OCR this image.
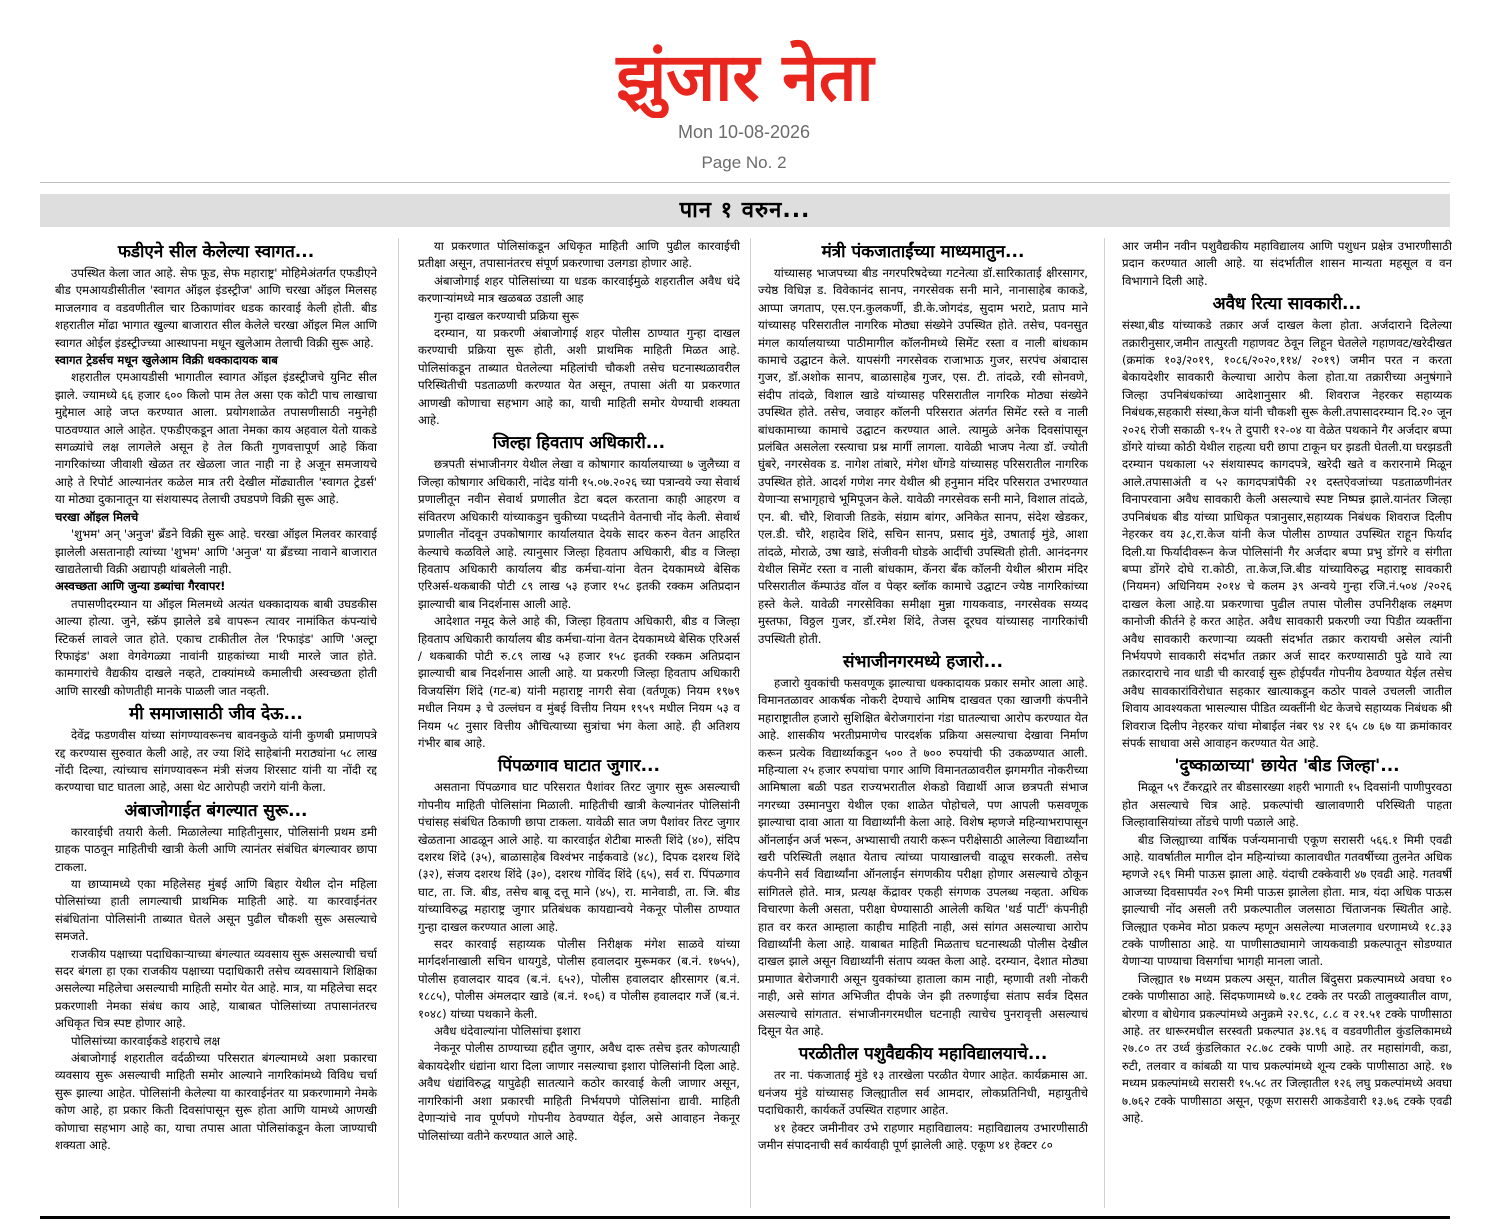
झुंजार नेता
Mon 10-08-2026
Page No. 2
पान १ वरुन...
फडीएने सील केलेल्या स्वागत...

उपस्थित केला जात आहे. सेफ फूड, सेफ महाराष्ट्र' मोहिमेअंतर्गत एफडीएने बीड एमआयडीसीतील 'स्वागत ऑइल इंडस्ट्रीज' आणि चरखा ऑइल मिलसह माजलगाव व वडवणीतील चार ठिकाणांवर धडक कारवाई केली होती. बीड शहरातील मोंढा भागात खुल्या बाजारात सील केलेले चरखा ऑइल मिल आणि स्वागत ओईल इंडस्ट्रीज्च्या आस्थापना मधून खुलेआम तेलाची विक्री सुरू आहे.

स्वागत ट्रेडर्सच मधून खुलेआम विक्री धक्कादायक बाब

शहरातील एमआयडीसी भागातील स्वागत ऑइल इंडस्ट्रीजचे युनिट सील झाले. ज्यामध्ये ६६ हजार ६०० किलो पाम तेल असा एक कोटी पाच लाखाचा मुद्देमाल आहे जप्त करण्यात आला. प्रयोगशाळेत तपासणीसाठी नमुनेही पाठवण्यात आले आहेत. एफडीएकडून आता नेमका काय अहवाल येतो याकडे सगळ्यांचे लक्ष लागलेले असून हे तेल किती गुणवत्तापूर्ण आहे किंवा नागरिकांच्या जीवाशी खेळत तर खेळला जात नाही ना हे अजून समजायचे आहे ते रिपोर्ट आल्यानंतर कळेल मात्र तरी देखील मोंढ्यातील 'स्वागत ट्रेडर्स' या मोठ्या दुकानातून या संशयास्पद तेलाची उघडपणे विक्री सुरू आहे.

चरखा ऑइल मिलचे

'शुभम' अन् 'अनुज' ब्रँडने विक्री सुरू आहे. चरखा ऑइल मिलवर कारवाई झालेली असतानाही त्यांच्या 'शुभम' आणि 'अनुज' या ब्रँडच्या नावाने बाजारात खाद्यतेलाची विक्री अद्यापही थांबलेली नाही.

अस्वच्छता आणि जुन्या डब्यांचा गैरवापर!

तपासणीदरम्यान या ऑइल मिलमध्ये अत्यंत धक्कादायक बाबी उघडकीस आल्या होत्या. जुने, स्क्रॅप झालेले डबे वापरून त्यावर नामांकित कंपन्यांचे स्टिकर्स लावले जात होते. एकाच टाकीतील तेल 'रिफाइंड' आणि 'अल्ट्रा रिफाइंड' अशा वेगवेगळ्या नावांनी ग्राहकांच्या माथी मारले जात होते. कामगारांचे वैद्यकीय दाखले नव्हते, टाक्यांमध्ये कमालीची अस्वच्छता होती आणि सारखी कोणतीही मानके पाळली जात नव्हती.

मी समाजासाठी जीव देऊ...

देवेंद्र फडणवीस यांच्या सांगण्यावरूनच बावनकुळे यांनी कुणबी प्रमाणपत्रे रद्द करण्यास सुरुवात केली आहे, तर ज्या शिंदे साहेबांनी मराठ्यांना ५८ लाख नोंदी दिल्या, त्यांच्याच सांगण्यावरून मंत्री संजय शिरसाट यांनी या नोंदी रद्द करण्याचा घाट घातला आहे, असा थेट आरोपही जरांगे यांनी केला.

अंबाजोगाईत बंगल्यात सुरू...

कारवाईची तयारी केली. मिळालेल्या माहितीनुसार, पोलिसांनी प्रथम डमी ग्राहक पाठवून माहितीची खात्री केली आणि त्यानंतर संबंधित बंगल्यावर छापा टाकला.

या छाप्यामध्ये एका महिलेसह मुंबई आणि बिहार येथील दोन महिला पोलिसांच्या हाती लागल्याची प्राथमिक माहिती आहे. या कारवाईनंतर संबंधितांना पोलिसांनी ताब्यात घेतले असून पुढील चौकशी सुरू असल्याचे समजते.

राजकीय पक्षाच्या पदाधिकाऱ्याच्या बंगल्यात व्यवसाय सुरू असल्याची चर्चा सदर बंगला हा एका राजकीय पक्षाच्या पदाधिकारी तसेच व्यवसायाने शिक्षिका असलेल्या महिलेचा असल्याची माहिती समोर येत आहे. मात्र, या महिलेचा सदर प्रकरणाशी नेमका संबंध काय आहे, याबाबत पोलिसांच्या तपासानंतरच अधिकृत चित्र स्पष्ट होणार आहे.

पोलिसांच्या कारवाईकडे शहराचे लक्ष

अंबाजोगाई शहरातील वर्दळीच्या परिसरात बंगल्यामध्ये अशा प्रकारचा व्यवसाय सुरू असल्याची माहिती समोर आल्याने नागरिकांमध्ये विविध चर्चा सुरू झाल्या आहेत. पोलिसांनी केलेल्या या कारवाईनंतर या प्रकरणामागे नेमके कोण आहे, हा प्रकार किती दिवसांपासून सुरू होता आणि यामध्ये आणखी कोणाचा सहभाग आहे का, याचा तपास आता पोलिसांकडून केला जाण्याची शक्यता आहे.

या प्रकरणात पोलिसांकडून अधिकृत माहिती आणि पुढील कारवाईची प्रतीक्षा असून, तपासानंतरच संपूर्ण प्रकरणाचा उलगडा होणार आहे.

अंबाजोगाई शहर पोलिसांच्या या धडक कारवाईमुळे शहरातील अवैध धंदे करणाऱ्यांमध्ये मात्र खळबळ उडाली आह

गुन्हा दाखल करण्याची प्रक्रिया सुरू

दरम्यान, या प्रकरणी अंबाजोगाई शहर पोलीस ठाण्यात गुन्हा दाखल करण्याची प्रक्रिया सुरू होती, अशी प्राथमिक माहिती मिळत आहे. पोलिसांकडून ताब्यात घेतलेल्या महिलांची चौकशी तसेच घटनास्थळावरील परिस्थितीची पडताळणी करण्यात येत असून, तपासा अंती या प्रकरणात आणखी कोणाचा सहभाग आहे का, याची माहिती समोर येण्याची शक्यता आहे.

जिल्हा हिवताप अधिकारी...

छत्रपती संभाजीनगर येथील लेखा व कोषागार कार्यालयाच्या ७ जुलैच्या व जिल्हा कोषागार अधिकारी, नांदेड यांनी १५.०७.२०२६ च्या पत्रान्वये ज्या सेवार्थ प्रणालीतून नवीन सेवार्थ प्रणालीत डेटा बदल करताना काही आहरण व संवितरण अधिकारी यांच्याकडुन चुकीच्या पध्दतीने वेतनाची नोंद केली. सेवार्थ प्रणालीत नोंदवून उपकोषागार कार्यालयात देयके सादर करुन वेतन आहरित केल्याचे कळविले आहे. त्यानुसार जिल्हा हिवताप अधिकारी, बीड व जिल्हा हिवताप अधिकारी कार्यालय बीड कर्मचा-यांना वेतन देयकामध्ये बेसिक एरिअर्स-थकबाकी पोटी ८९ लाख ५३ हजार १५८ इतकी रक्कम अतिप्रदान झाल्याची बाब निदर्शनास आली आहे.

आदेशात नमूद केले आहे की, जिल्हा हिवताप अधिकारी, बीड व जिल्हा हिवताप अधिकारी कार्यालय बीड कर्मचा-यांना वेतन देयकामध्ये बेसिक एरिअर्स / थकबाकी पोटी रु.८९ लाख ५३ हजार १५८ इतकी रक्कम अतिप्रदान झाल्याची बाब निदर्शनास आली आहे. या प्रकरणी जिल्हा हिवताप अधिकारी विजयसिंग शिंदे (गट-ब) यांनी महाराष्ट्र नागरी सेवा (वर्तणूक) नियम १९७९ मधील नियम ३ चे उल्लंघन व मुंबई वित्तीय नियम १९५९ मधील नियम ५३ व नियम ५८ नुसार वित्तीय औचित्याच्या सुत्रांचा भंग केला आहे. ही अतिशय गंभीर बाब आहे.

पिंपळगाव घाटात जुगार...

असताना पिंपळगाव घाट परिसरात पैशांवर तिरट जुगार सुरू असल्याची गोपनीय माहिती पोलिसांना मिळाली. माहितीची खात्री केल्यानंतर पोलिसांनी पंचांसह संबंधित ठिकाणी छापा टाकला. यावेळी सात जण पैशांवर तिरट जुगार खेळताना आढळून आले आहे. या कारवाईत शेटीबा मारुती शिंदे (४०), संदिप दशरथ शिंदे (३५), बाळासाहेब विश्वंभर नाईकवाडे (४८), दिपक दशरथ शिंदे (३२), संजय दशरथ शिंदे (३०), दशरथ गोविंद शिंदे (६५), सर्व रा. पिंपळगाव घाट, ता. जि. बीड, तसेच बाबू दत्तू माने (४५), रा. मानेवाडी, ता. जि. बीड यांच्याविरुद्ध महाराष्ट्र जुगार प्रतिबंधक कायद्यान्वये नेकनूर पोलीस ठाण्यात गुन्हा दाखल करण्यात आला आहे.

सदर कारवाई सहाय्यक पोलीस निरीक्षक मंगेश साळवे यांच्या मार्गदर्शनाखाली सचिन धायगुडे, पोलीस हवालदार मुरूमकर (ब.नं. १७५५), पोलीस हवालदार यादव (ब.नं. ६५२), पोलीस हवालदार क्षीरसागर (ब.नं. १८८५), पोलीस अंमलदार खाडे (ब.नं. १०६) व पोलीस हवालदार गर्जे (ब.नं. १०४८) यांच्या पथकाने केली.

अवैध धंदेवाल्यांना पोलिसांचा इशारा

नेकनूर पोलीस ठाण्याच्या हद्दीत जुगार, अवैध दारू तसेच इतर कोणत्याही बेकायदेशीर धंद्यांना थारा दिला जाणार नसल्याचा इशारा पोलिसांनी दिला आहे. अवैध धंद्यांविरुद्ध यापुढेही सातत्याने कठोर कारवाई केली जाणार असून, नागरिकांनी अशा प्रकारची माहिती निर्भयपणे पोलिसांना द्यावी. माहिती देणाऱ्यांचे नाव पूर्णपणे गोपनीय ठेवण्यात येईल, असे आवाहन नेकनूर पोलिसांच्या वतीने करण्यात आले आहे.

मंत्री पंकजाताईंच्या माध्यमातुन...

यांच्यासह भाजपच्या बीड नगरपरिषदेच्या गटनेत्या डॉ.सारिकाताई क्षीरसागर, ज्येष्ठ विधिज्ञ ड. विवेकानंद सानप, नगरसेवक सनी माने, नानासाहेब काकडे, आप्पा जगताप, एस.एन.कुलकर्णी, डी.के.जोगदंड, सुदाम भराटे, प्रताप माने यांच्यासह परिसरातील नागरिक मोठ्या संख्येने उपस्थित होते. तसेच, पवनसुत मंगल कार्यालयाच्या पाठीमागील कॉलनीमध्ये सिमेंट रस्ता व नाली बांधकाम कामाचे उद्घाटन केले. यापसंगी नगरसेवक राजाभाऊ गुजर, सरपंच अंबादास गुजर, डॉ.अशोक सानप, बाळासाहेब गुजर, एस. टी. तांदळे, रवी सोनवणे, संदीप तांदळे, विशाल खाडे यांच्यासह परिसरातील नागरिक मोठ्या संख्येने उपस्थित होते. तसेच, जवाहर कॉलनी परिसरात अंतर्गत सिमेंट रस्ते व नाली बांधकामाच्या कामाचे उद्घाटन करण्यात आले. त्यामुळे अनेक दिवसांपासून प्रलंबित असलेला रस्त्याचा प्रश्न मार्गी लागला. यावेळी भाजप नेत्या डॉ. ज्योती घुंबरे, नगरसेवक ड. नागेश तांबारे, मंगेश धोंगडे यांच्यासह परिसरातील नागरिक उपस्थित होते. आदर्श गणेश नगर येथील श्री हनुमान मंदिर परिसरात उभारण्यात येणाऱ्या सभागृहाचे भूमिपूजन केले. यावेळी नगरसेवक सनी माने, विशाल तांदळे, एन. बी. चौरे, शिवाजी तिडके, संग्राम बांगर, अनिकेत सानप, संदेश खेडकर, एल.डी. चौरे, शहादेव शिंदे, सचिन सानप, प्रसाद मुंडे, उषाताई मुंडे, आशा तांदळे, मोराळे, उषा खाडे, संजीवनी घोडके आदींची उपस्थिती होती. आनंदनगर येथील सिमेंट रस्ता व नाली बांधकाम, कॅनरा बँक कॉलनी येथील श्रीराम मंदिर परिसरातील कॅम्पाउंड वॉल व पेव्हर ब्लॉक कामाचे उद्घाटन ज्येष्ठ नागरिकांच्या हस्ते केले. यावेळी नगरसेविका समीक्षा मुन्ना गायकवाड, नगरसेवक सय्यद मुस्तफा, विठ्ठल गुजर, डॉ.रमेश शिंदे, तेजस दूरघव यांच्यासह नागरिकांची उपस्थिती होती.

संभाजीनगरमध्ये हजारो...

हजारो युवकांची फसवणूक झाल्याचा धक्कादायक प्रकार समोर आला आहे. विमानतळावर आकर्षक नोकरी देण्याचे आमिष दाखवत एका खाजगी कंपनीने महाराष्ट्रातील हजारो सुशिक्षित बेरोजगारांना गंडा घातल्याचा आरोप करण्यात येत आहे. शासकीय भरतीप्रमाणेच पारदर्शक प्रक्रिया असल्याचा देखावा निर्माण करून प्रत्येक विद्यार्थ्याकडून ५०० ते ७०० रुपयांची फी उकळण्यात आली. महिन्याला २५ हजार रुपयांचा पगार आणि विमानतळावरील झगमगीत नोकरीच्या आमिषाला बळी पडत राज्यभरातील शेकडो विद्यार्थी आज छत्रपती संभाज नगरच्या उस्मानपुरा येथील एका शाळेत पोहोचले, पण आपली फसवणूक झाल्याचा दावा आता या विद्यार्थ्यांनी केला आहे. विशेष म्हणजे महिन्याभरापासून ऑनलाईन अर्ज भरून, अभ्यासाची तयारी करून परीक्षेसाठी आलेल्या विद्यार्थ्यांना खरी परिस्थिती लक्षात येताच त्यांच्या पायाखालची वाळूच सरकली. तसेच कंपनीने सर्व विद्यार्थ्यांना ऑनलाईन संगणकीय परीक्षा होणार असल्याचे ठोकून सांगितले होते. मात्र, प्रत्यक्ष केंद्रावर एकही संगणक उपलब्ध नव्हता. अधिक विचारणा केली असता, परीक्षा घेण्यासाठी आलेली कथित 'थर्ड पार्टी' कंपनीही हात वर करत आम्हाला काहीच माहिती नाही, असं सांगत असल्याचा आरोप विद्यार्थ्यांनी केला आहे. याबाबत माहिती मिळताच घटनास्थळी पोलीस देखील दाखल झाले असून विद्यार्थ्यांनी संताप व्यक्त केला आहे. दरम्यान, देशात मोठ्या प्रमाणात बेरोजगारी असून युवकांच्या हाताला काम नाही, म्हणावी तशी नोकरी नाही, असे सांगत अभिजीत दीपके जेन झी तरुणाईचा संताप सर्वत्र दिसत असल्याचे सांगतात. संभाजीनगरमधील घटनाही त्याचेच पुनरावृत्ती असल्याचं दिसून येत आहे.

परळीतील पशुवैद्यकीय महाविद्यालयाचे...

तर ना. पंकजाताई मुंडे १३ तारखेला परळीत येणार आहेत. कार्यक्रमास आ. धनंजय मुंडे यांच्यासह जिल्ह्यातील सर्व आमदार, लोकप्रतिनिधी, महायुतीचे पदाधिकारी, कार्यकर्ते उपस्थित राहणार आहेत.

४१ हेक्टर जमीनीवर उभे राहणार महाविद्यालय: महाविद्यालय उभारणीसाठी जमीन संपादनाची सर्व कार्यवाही पूर्ण झालेली आहे. एकूण ४१ हेक्टर ८०

आर जमीन नवीन पशुवैद्यकीय महाविद्यालय आणि पशुधन प्रक्षेत्र उभारणीसाठी प्रदान करण्यात आली आहे. या संदर्भातील शासन मान्यता महसूल व वन विभागाने दिली आहे.

अवैध रित्या सावकारी...

संस्था,बीड यांच्याकडे तक्रार अर्ज दाखल केला होता. अर्जदाराने दिलेल्या तक्रारीनुसार,जमीन तात्पुरती गहाणवट ठेवून लिहून घेतलेले गहाणवट/खरेदीखत (क्रमांक १०३/२०१९, १०८६/२०२०,११४/ २०१९) जमीन परत न करता बेकायदेशीर सावकारी केल्याचा आरोप केला होता.या तक्रारीच्या अनुषंगाने जिल्हा उपनिबंधकांच्या आदेशानुसार श्री. शिवराज नेहरकर सहाय्यक निबंधक,सहकारी संस्था,केज यांनी चौकशी सुरू केली.तपासादरम्यान दि.२० जून २०२६ रोजी सकाळी ९-१५ ते दुपारी १२-०४ या वेळेत पथकाने गैर अर्जदार बप्पा डोंगरे यांच्या कोठी येथील राहत्या घरी छापा टाकून घर झडती घेतली.या घरझडती दरम्यान पथकाला ५२ संशयास्पद कागदपत्रे, खरेदी खते व करारनामे मिळून आले.तपासाअंती व ५२ कागदपत्रांपैकी २१ दस्तऐवजांच्या पडताळणीनंतर विनापरवाना अवैध सावकारी केली असल्याचे स्पष्ट निष्पन्न झाले.यानंतर जिल्हा उपनिबंधक बीड यांच्या प्राधिकृत पत्रानुसार,सहाय्यक निबंधक शिवराज दिलीप नेहरकर वय ३८,रा.केज यांनी केज पोलीस ठाण्यात उपस्थित राहून फिर्याद दिली.या फिर्यादीवरून केज पोलिसांनी गैर अर्जदार बप्पा प्रभु डोंगरे व संगीता बप्पा डोंगरे दोघे रा.कोठी, ता.केज,जि.बीड यांच्याविरुद्ध महाराष्ट्र सावकारी (नियमन) अधिनियम २०१४ चे कलम ३९ अन्वये गुन्हा रजि.नं.५०४ /२०२६ दाखल केला आहे.या प्रकरणाचा पुढील तपास पोलीस उपनिरीक्षक लक्ष्मण कानोजी कीर्तने हे करत आहेत. अवैध सावकारी प्रकरणी ज्या पिडीत व्यक्तींना अवैध सावकारी करणाऱ्या व्यक्ती संदर्भात तक्रार करायची असेल त्यांनी निर्भयपणे सावकारी संदर्भात तक्रार अर्ज सादर करण्यासाठी पुढे यावे त्या तक्रारदाराचे नाव धाडी ची कारवाई सुरू होईपर्यंत गोपनीय ठेवण्यात येईल तसेच अवैध सावकारांविरोधात सहकार खात्याकडून कठोर पावले उचलली जातील शिवाय आवश्यकता भासल्यास पीडित व्यक्तींनी थेट केजचे सहाय्यक निबंधक श्री शिवराज दिलीप नेहरकर यांचा मोबाईल नंबर ९४ २१ ६५ ८७ ६७ या क्रमांकावर संपर्क साधावा असे आवाहन करण्यात येत आहे.

'दुष्काळाच्या' छायेत 'बीड जिल्हा'...

मिळून ५९ टँकरद्वारे तर बीडसारख्या शहरी भागाती १५ दिवसांनी पाणीपुरवठा होत असल्याचे चित्र आहे. प्रकल्पांची खालावणारी परिस्थिती पाहता जिल्हावासियांच्या तोंडचे पाणी पळाले आहे.

बीड जिल्ह्याच्या वार्षिक पर्जन्यमानाची एकूण सरासरी ५६६.१ मिमी एवढी आहे. यावर्षातील मागील दोन महिन्यांच्या कालावधीत गतवर्षीच्या तुलनेत अधिक म्हणजे २६९ मिमी पाऊस झाला आहे. यंदाची टक्केवारी ४७ एवढी आहे. गतवर्षी आजच्या दिवसापर्यंत २०९ मिमी पाऊस झालेला होता. मात्र, यंदा अधिक पाऊस झाल्याची नोंद असली तरी प्रकल्पातील जलसाठा चिंताजनक स्थितीत आहे. जिल्ह्यात एकमेव मोठा प्रकल्प म्हणून असलेल्या माजलगाव धरणामध्ये १८.३३ टक्के पाणीसाठा आहे. या पाणीसाठ्यामागे जायकवाडी प्रकल्पातून सोडण्यात येणाऱ्या पाण्याचा विसर्गाचा भागही मानला जातो.

जिल्ह्यात १७ मध्यम प्रकल्प असून, यातील बिंदुसरा प्रकल्पामध्ये अवघा १० टक्के पाणीसाठा आहे. सिंदफणामध्ये ७.१८ टक्के तर परळी तालुक्यातील वाण, बोरणा व बोधेगाव प्रकल्पांमध्ये अनुक्रमे २२.९८, ८.८ व २१.५१ टक्के पाणीसाठा आहे. तर धारूरमधील सरस्वती प्रकल्पात ३४.९६ व वडवणीतील कुंडलिकामध्ये २७.८० तर उर्ध्व कुंडलिकात २८.७८ टक्के पाणी आहे. तर महासांगवी, कडा, रुटी, तलवार व कांबळी या पाच प्रकल्पांमध्ये शून्य टक्के पाणीसाठा आहे. १७ मध्यम प्रकल्पांमध्ये सरासरी १५.५८ तर जिल्हातील १२६ लघु प्रकल्पांमध्ये अवघा ७.७६२ टक्के पाणीसाठा असून, एकूण सरासरी आकडेवारी १३.७६ टक्के एवढी आहे.
